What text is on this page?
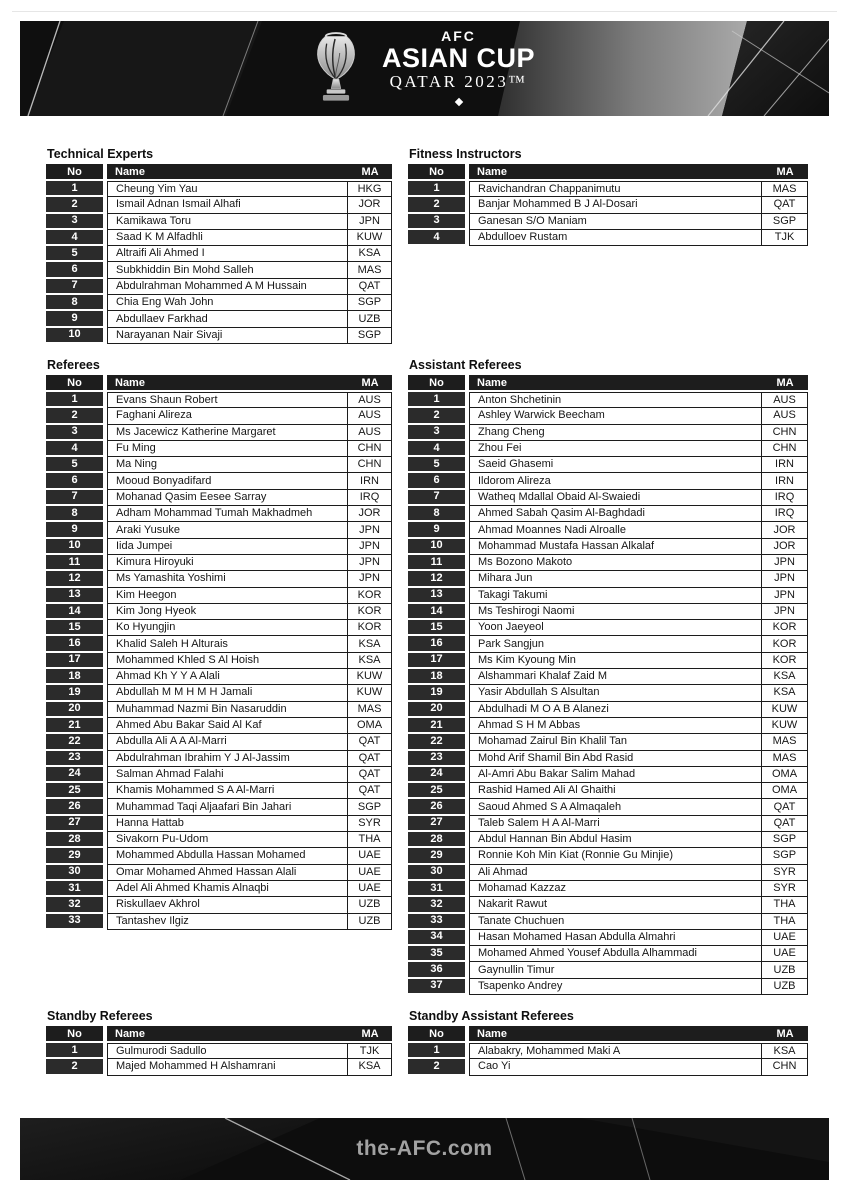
AFC
ASIAN CUP
QATAR 2023™
Technical Experts
No	Name	MA
1	Cheung Yim Yau	HKG
2	Ismail Adnan Ismail Alhafi	JOR
3	Kamikawa Toru	JPN
4	Saad K M Alfadhli	KUW
5	Altraifi Ali Ahmed I	KSA
6	Subkhiddin Bin Mohd Salleh	MAS
7	Abdulrahman Mohammed A M Hussain	QAT
8	Chia Eng Wah John	SGP
9	Abdullaev Farkhad	UZB
10	Narayanan Nair Sivaji	SGP
Fitness Instructors
No	Name	MA
1	Ravichandran Chappanimutu	MAS
2	Banjar Mohammed B J Al-Dosari	QAT
3	Ganesan S/O Maniam	SGP
4	Abdulloev Rustam	TJK
Referees
No	Name	MA
1	Evans Shaun Robert	AUS
2	Faghani Alireza	AUS
3	Ms Jacewicz Katherine Margaret	AUS
4	Fu Ming	CHN
5	Ma Ning	CHN
6	Mooud Bonyadifard	IRN
7	Mohanad Qasim Eesee Sarray	IRQ
8	Adham Mohammad Tumah Makhadmeh	JOR
9	Araki Yusuke	JPN
10	Iida Jumpei	JPN
11	Kimura Hiroyuki	JPN
12	Ms Yamashita Yoshimi	JPN
13	Kim Heegon	KOR
14	Kim Jong Hyeok	KOR
15	Ko Hyungjin	KOR
16	Khalid Saleh H Alturais	KSA
17	Mohammed Khled S Al Hoish	KSA
18	Ahmad Kh Y Y A Alali	KUW
19	Abdullah M M H M H Jamali	KUW
20	Muhammad Nazmi Bin Nasaruddin	MAS
21	Ahmed Abu Bakar Said Al Kaf	OMA
22	Abdulla Ali A A Al-Marri	QAT
23	Abdulrahman Ibrahim Y J Al-Jassim	QAT
24	Salman Ahmad Falahi	QAT
25	Khamis Mohammed S A Al-Marri	QAT
26	Muhammad Taqi Aljaafari Bin Jahari	SGP
27	Hanna Hattab	SYR
28	Sivakorn Pu-Udom	THA
29	Mohammed Abdulla Hassan Mohamed	UAE
30	Omar Mohamed Ahmed Hassan Alali	UAE
31	Adel Ali Ahmed Khamis Alnaqbi	UAE
32	Riskullaev Akhrol	UZB
33	Tantashev Ilgiz	UZB
Assistant Referees
No	Name	MA
1	Anton Shchetinin	AUS
2	Ashley Warwick Beecham	AUS
3	Zhang Cheng	CHN
4	Zhou Fei	CHN
5	Saeid Ghasemi	IRN
6	Ildorom Alireza	IRN
7	Watheq Mdallal Obaid Al-Swaiedi	IRQ
8	Ahmed Sabah Qasim Al-Baghdadi	IRQ
9	Ahmad Moannes Nadi Alroalle	JOR
10	Mohammad Mustafa Hassan Alkalaf	JOR
11	Ms Bozono Makoto	JPN
12	Mihara Jun	JPN
13	Takagi Takumi	JPN
14	Ms Teshirogi Naomi	JPN
15	Yoon Jaeyeol	KOR
16	Park Sangjun	KOR
17	Ms Kim Kyoung Min	KOR
18	Alshammari Khalaf Zaid M	KSA
19	Yasir Abdullah S Alsultan	KSA
20	Abdulhadi M O A B Alanezi	KUW
21	Ahmad S H M Abbas	KUW
22	Mohamad Zairul Bin Khalil Tan	MAS
23	Mohd Arif Shamil Bin Abd Rasid	MAS
24	Al-Amri Abu Bakar Salim Mahad	OMA
25	Rashid Hamed Ali Al Ghaithi	OMA
26	Saoud Ahmed S A Almaqaleh	QAT
27	Taleb Salem H A Al-Marri	QAT
28	Abdul Hannan Bin Abdul Hasim	SGP
29	Ronnie Koh Min Kiat (Ronnie Gu Minjie)	SGP
30	Ali Ahmad	SYR
31	Mohamad Kazzaz	SYR
32	Nakarit Rawut	THA
33	Tanate Chuchuen	THA
34	Hasan Mohamed Hasan Abdulla Almahri	UAE
35	Mohamed Ahmed Yousef Abdulla Alhammadi	UAE
36	Gaynullin Timur	UZB
37	Tsapenko Andrey	UZB
Standby Referees
No	Name	MA
1	Gulmurodi Sadullo	TJK
2	Majed Mohammed H Alshamrani	KSA
Standby Assistant Referees
No	Name	MA
1	Alabakry, Mohammed Maki A	KSA
2	Cao Yi	CHN
the-AFC.com
